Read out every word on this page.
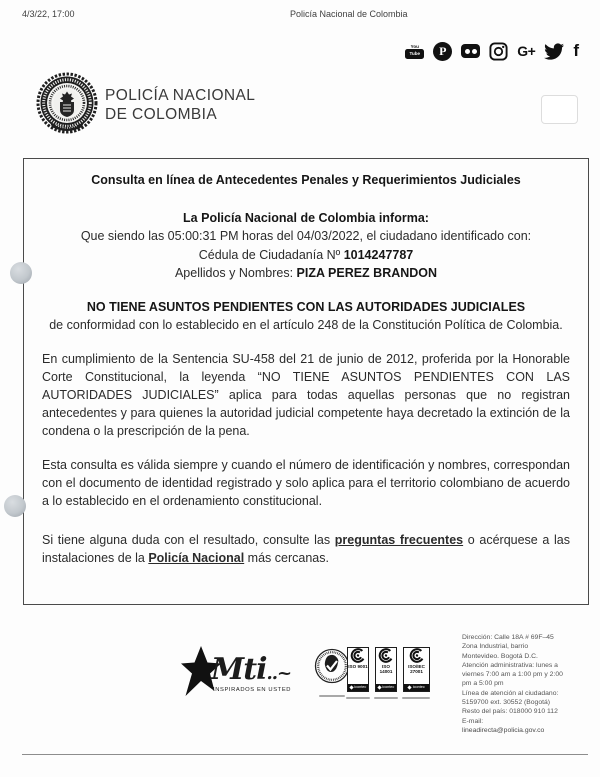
4/3/22, 17:00	Policía Nacional de Colombia
You
Tube	P	G+ f
POLICÍA NACIONAL
DE COLOMBIA
Consulta en línea de Antecedentes Penales y Requerimientos Judiciales
La Policía Nacional de Colombia informa:
Que siendo las 05:00:31 PM horas del 04/03/2022, el ciudadano identificado con:
Cédula de Ciudadanía Nº 1014247787
Apellidos y Nombres: PIZA PEREZ BRANDON
NO TIENE ASUNTOS PENDIENTES CON LAS AUTORIDADES JUDICIALES
de conformidad con lo establecido en el artículo 248 de la Constitución Política de Colombia.
En cumplimiento de la Sentencia SU-458 del 21 de junio de 2012, proferida por la Honorable Corte Constitucional, la leyenda “NO TIENE ASUNTOS PENDIENTES CON LAS AUTORIDADES JUDICIALES” aplica para todas aquellas personas que no registran antecedentes y para quienes la autoridad judicial competente haya decretado la extinción de la condena o la prescripción de la pena.
Esta consulta es válida siempre y cuando el número de identificación y nombres, correspondan con el documento de identidad registrado y solo aplica para el territorio colombiano de acuerdo a lo establecido en el ordenamiento constitucional.
Si tiene alguna duda con el resultado, consulte las preguntas frecuentes o acérquese a las instalaciones de la Policía Nacional más cercanas.
Mti..~
INSPIRADOS EN USTED
ISO 9001
icontec
ISO 14001
icontec
ISO/IEC 27001
icontec
Dirección: Calle 18A # 69F–45
Zona Industrial, barrio
Montevideo. Bogotá D.C.
Atención administrativa: lunes a
viernes 7:00 am a 1:00 pm y 2:00
pm a 5:00 pm
Línea de atención al ciudadano:
5159700 ext. 30552 (Bogotá)
Resto del país: 018000 910 112
E-mail:
lineadirecta@policia.gov.co
